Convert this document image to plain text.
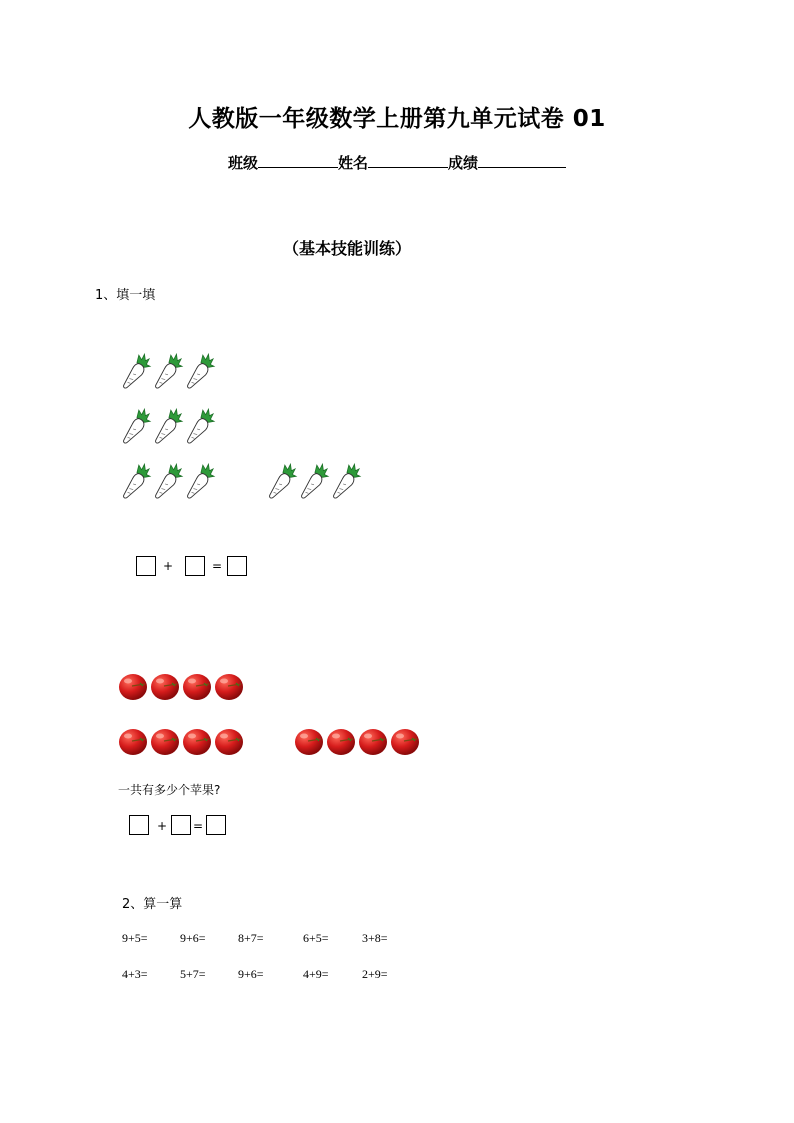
人教版一年级数学上册第九单元试卷 01
班级	姓名	成绩
（基本技能训练）
1、填一填
+	=
一共有多少个苹果?
+ =
2、算一算
9+5=	9+6=	8+7=	6+5=	3+8=
4+3=	5+7=	9+6=	4+9=	2+9=
